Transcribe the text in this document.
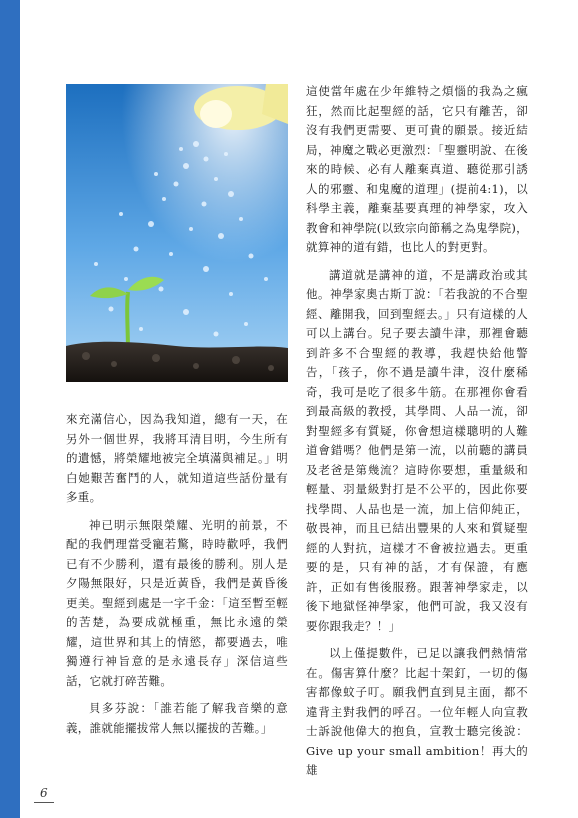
來充滿信心，因為我知道，總有一天，在另外一個世界，我將耳清目明，今生所有的遺憾，將榮耀地被完全填滿與補足。」明白她艱苦奮鬥的人，就知道這些話份量有多重。

神已明示無限榮耀、光明的前景，不配的我們理當受寵若驚，時時歡呼，我們已有不少勝利，還有最後的勝利。別人是夕陽無限好，只是近黃昏，我們是黃昏後更美。聖經到處是一字千金：「這至暫至輕的苦楚，為要成就極重，無比永遠的榮耀，這世界和其上的情慾，都要過去，唯獨遵行神旨意的是永遠長存」深信這些話，它就打碎苦難。

貝多芬說：「誰若能了解我音樂的意義，誰就能擺拔常人無以擺拔的苦難。」

這使當年處在少年維特之煩惱的我為之瘋狂，然而比起聖經的話，它只有離苦，卻沒有我們更需要、更可貴的願景。接近結局，神魔之戰必更激烈：「聖靈明說、在後來的時候、必有人離棄真道、聽從那引誘人的邪靈、和鬼魔的道理」(提前4:1)，以科學主義，離棄基要真理的神學家，攻入教會和神學院(以致宗向節稱之為鬼學院)，就算神的道有錯，也比人的對更對。

講道就是講神的道，不是講政治或其他。神學家奧古斯丁說：「若我說的不合聖經、離開我，回到聖經去。」只有這樣的人可以上講台。兒子要去讀牛津，那裡會聽到許多不合聖經的教導，我趕快給他警告，「孩子，你不過是讀牛津，沒什麼稀奇，我可是吃了很多牛筋。在那裡你會看到最高級的教授，其學問、人品一流，卻對聖經多有質疑，你會想這樣聰明的人難道會錯嗎？他們是第一流，以前聽的講員及老爸是第幾流？這時你要想，重量級和輕量、羽量級對打是不公平的，因此你要找學問、人品也是一流，加上信仰純正，敬畏神，而且已結出豐果的人來和質疑聖經的人對抗，這樣才不會被拉過去。更重要的是，只有神的話，才有保證，有應許，正如有售後服務。跟著神學家走，以後下地獄怪神學家，他們可說，我又沒有要你跟我走？！」

以上僅提數件，已足以讓我們熱情常在。傷害算什麼？比起十架釘，一切的傷害都像蚊子叮。願我們直到見主面，都不違背主對我們的呼召。一位年輕人向宣教士訴說他偉大的抱負，宣教士聽完後說：Give up your small ambition！再大的雄

6
